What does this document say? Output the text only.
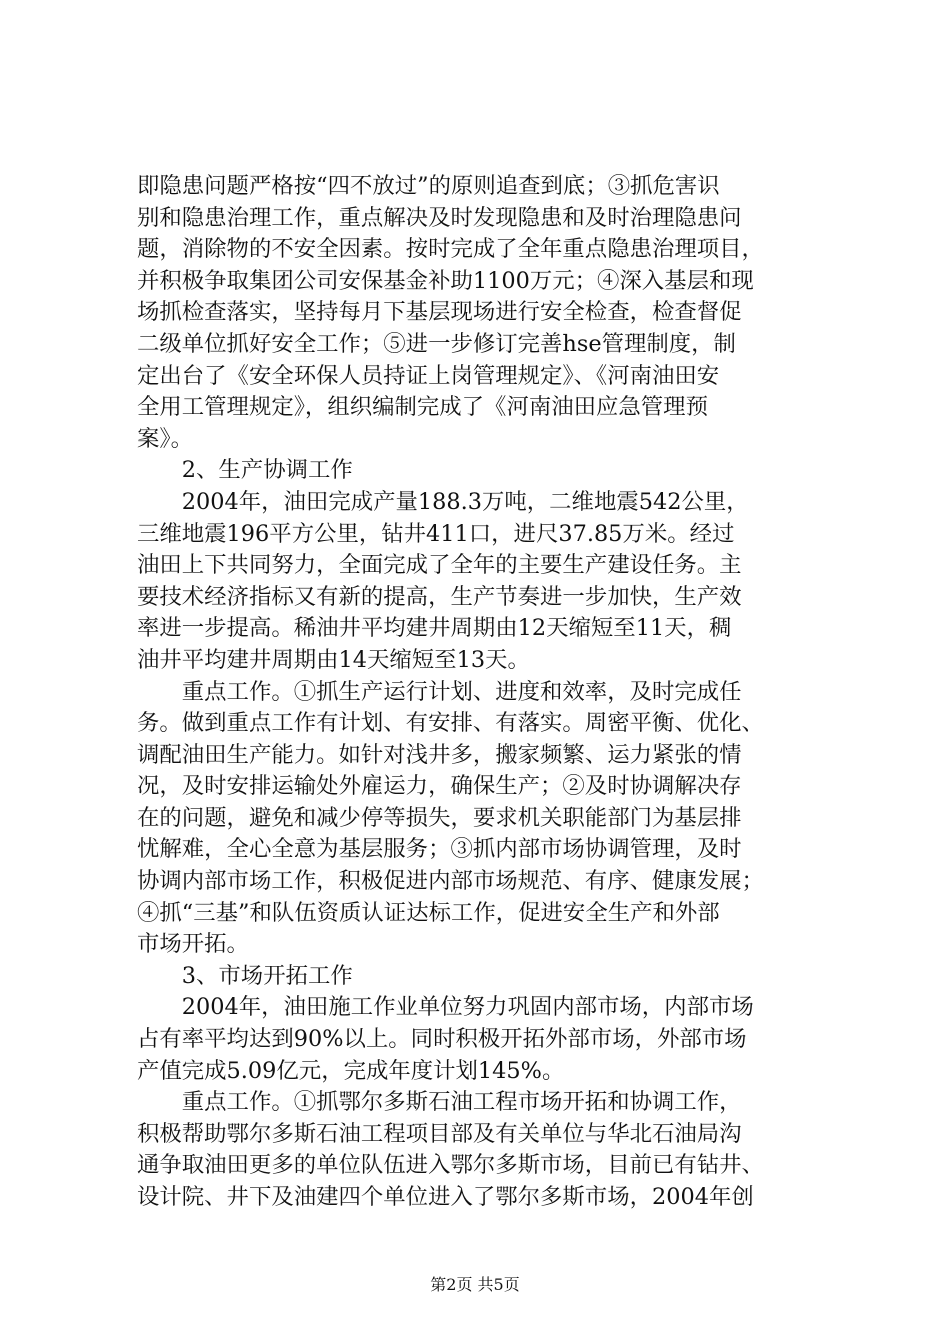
即隐患问题严格按“四不放过”的原则追查到底；③抓危害识
别和隐患治理工作，重点解决及时发现隐患和及时治理隐患问
题，消除物的不安全因素。按时完成了全年重点隐患治理项目，
并积极争取集团公司安保基金补助1100万元；④深入基层和现
场抓检查落实，坚持每月下基层现场进行安全检查，检查督促
二级单位抓好安全工作；⑤进一步修订完善hse管理制度，制
定出台了《安全环保人员持证上岗管理规定》、《河南油田安
全用工管理规定》，组织编制完成了《河南油田应急管理预
案》。
　　2、生产协调工作
　　2004年，油田完成产量188.3万吨，二维地震542公里，
三维地震196平方公里，钻井411口，进尺37.85万米。经过
油田上下共同努力，全面完成了全年的主要生产建设任务。主
要技术经济指标又有新的提高，生产节奏进一步加快，生产效
率进一步提高。稀油井平均建井周期由12天缩短至11天，稠
油井平均建井周期由14天缩短至13天。
　　重点工作。①抓生产运行计划、进度和效率，及时完成任
务。做到重点工作有计划、有安排、有落实。周密平衡、优化、
调配油田生产能力。如针对浅井多，搬家频繁、运力紧张的情
况，及时安排运输处外雇运力，确保生产；②及时协调解决存
在的问题，避免和减少停等损失，要求机关职能部门为基层排
忧解难，全心全意为基层服务；③抓内部市场协调管理，及时
协调内部市场工作，积极促进内部市场规范、有序、健康发展；
④抓“三基”和队伍资质认证达标工作，促进安全生产和外部
市场开拓。
　　3、市场开拓工作
　　2004年，油田施工作业单位努力巩固内部市场，内部市场
占有率平均达到90%以上。同时积极开拓外部市场，外部市场
产值完成5.09亿元，完成年度计划145%。
　　重点工作。①抓鄂尔多斯石油工程市场开拓和协调工作，
积极帮助鄂尔多斯石油工程项目部及有关单位与华北石油局沟
通争取油田更多的单位队伍进入鄂尔多斯市场，目前已有钻井、
设计院、井下及油建四个单位进入了鄂尔多斯市场，2004年创
第2页 共5页
